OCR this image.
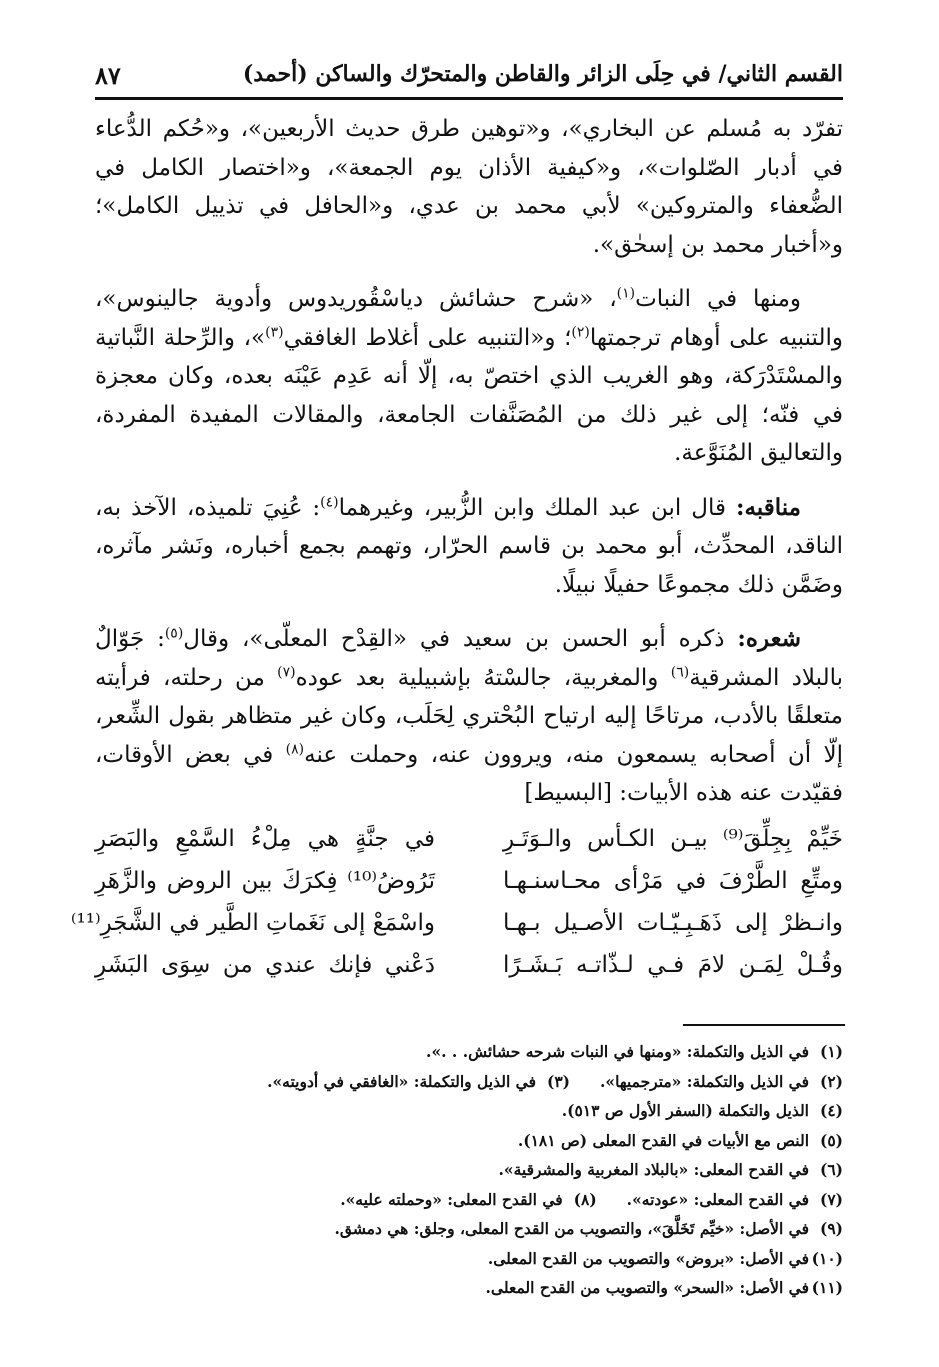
القسم الثاني/ في حِلَى الزائر والقاطن والمتحرّك والساكن (أحمد)
٨٧

تفرّد به مُسلم عن البخاري»، و«توهين طرق حديث الأربعين»، و«حُكم الدُّعاء في أدبار الصّلوات»، و«كيفية الأذان يوم الجمعة»، و«اختصار الكامل في الضُّعفاء والمتروكين» لأبي محمد بن عدي، و«الحافل في تذييل الكامل»؛ و«أخبار محمد بن إسحٰق».

ومنها في النبات$^{(١)}$، «شرح حشائش دياسْقُوريدوس وأدوية جالينوس»، والتنبيه على أوهام ترجمتها$^{(٢)}$؛ و«التنبيه على أغلاط الغافقي$^{(٣)}$»، والرِّحلة النَّباتية والمسْتَدْرَكة، وهو الغريب الذي اختصّ به، إلّا أنه عَدِم عَيْنَه بعده، وكان معجزة في فنّه؛ إلى غير ذلك من المُصَنَّفات الجامعة، والمقالات المفيدة المفردة، والتعاليق المُنَوَّعة.

مناقبه: قال ابن عبد الملك وابن الزُّبير، وغيرهما$^{(٤)}$: عُنِيَ تلميذه، الآخذ به، الناقد، المحدِّث، أبو محمد بن قاسم الحرّار، وتهمم بجمع أخباره، ونَشر مآثره، وضَمَّن ذلك مجموعًا حفيلًا نبيلًا.

شعره: ذكره أبو الحسن بن سعيد في «القِدْح المعلّى»، وقال$^{(٥)}$: جَوّالٌ بالبلاد المشرقية$^{(٦)}$ والمغربية، جالسْتهُ بإشبيلية بعد عوده$^{(٧)}$ من رحلته، فرأيته متعلقًا بالأدب، مرتاحًا إليه ارتياح البُحْتري لِحَلَب، وكان غير متظاهر بقول الشِّعر، إلّا أن أصحابه يسمعون منه، ويروون عنه، وحملت عنه$^{(٨)}$ في بعض الأوقات، فقيّدت عنه هذه الأبيات: [البسيط]

خَيِّمْ بِجِلِّقَ⁽⁹⁾ بيـن الكـأس والـوَتَـرِ
في جنَّةٍ هي مِلْءُ السَّمْعِ والبَصَرِ
ومتِّعِ الطَّرْفَ في مَرْأى محـاسنـهـا
تَرُوضُ⁽¹⁰⁾ فِكرَكَ بين الروض والزَّهَرِ
وانـظرْ إلى ذَهَـبِـيّـات الأصـيل بـهـا
واسْمَعْ إلى نَغَماتِ الطَّير في الشَّجَرِ⁽¹¹⁾
وقُـلْ لِمَـن لامَ فـي لـذّاتـه بَـشَـرًا
دَعْني فإنك عندي من سِوَى البَشَرِ
(١)في الذيل والتكملة: «ومنها في النبات شرحه حشائش. . .».
(٢)في الذيل والتكملة: «مترجميها».
(٣)في الذيل والتكملة: «الغافقي في أدويته».
(٤)الذيل والتكملة (السفر الأول ص ٥١٣).
(٥)النص مع الأبيات في القدح المعلى (ص ١٨١).
(٦)في القدح المعلى: «بالبلاد المغربية والمشرقية».
(٧)في القدح المعلى: «عودته».
(٨)في القدح المعلى: «وحملته عليه».
(٩)في الأصل: «خيِّم تَخَلَّقَ»، والتصويب من القدح المعلى، وجلق: هي دمشق.
(١٠)في الأصل: «بروض» والتصويب من القدح المعلى.
(١١)في الأصل: «السحر» والتصويب من القدح المعلى.
